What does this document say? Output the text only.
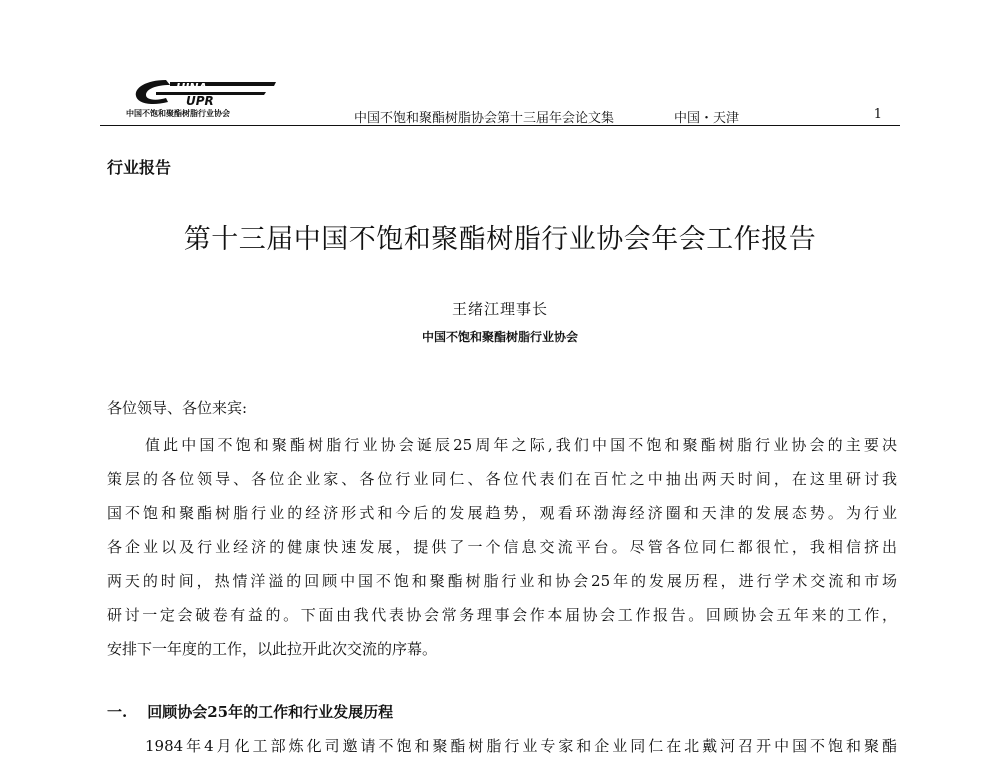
HINA
UPR
中国不饱和聚酯树脂行业协会	中国不饱和聚酯树脂协会第十三届年会论文集	中国・天津	1
行业报告
第十三届中国不饱和聚酯树脂行业协会年会工作报告
王绪江理事长
中国不饱和聚酯树脂行业协会
各位领导、各位来宾:
值此中国不饱和聚酯树脂行业协会诞辰25周年之际,我们中国不饱和聚酯树脂行业协会的主要决
策层的各位领导、各位企业家、各位行业同仁、各位代表们在百忙之中抽出两天时间，在这里研讨我
国不饱和聚酯树脂行业的经济形式和今后的发展趋势，观看环渤海经济圈和天津的发展态势。为行业
各企业以及行业经济的健康快速发展，提供了一个信息交流平台。尽管各位同仁都很忙，我相信挤出
两天的时间，热情洋溢的回顾中国不饱和聚酯树脂行业和协会25年的发展历程，进行学术交流和市场
研讨一定会破卷有益的。下面由我代表协会常务理事会作本届协会工作报告。回顾协会五年来的工作，
安排下一年度的工作，以此拉开此次交流的序幕。
一. 回顾协会25年的工作和行业发展历程
1984年4月化工部炼化司邀请不饱和聚酯树脂行业专家和企业同仁在北戴河召开中国不饱和聚酯
